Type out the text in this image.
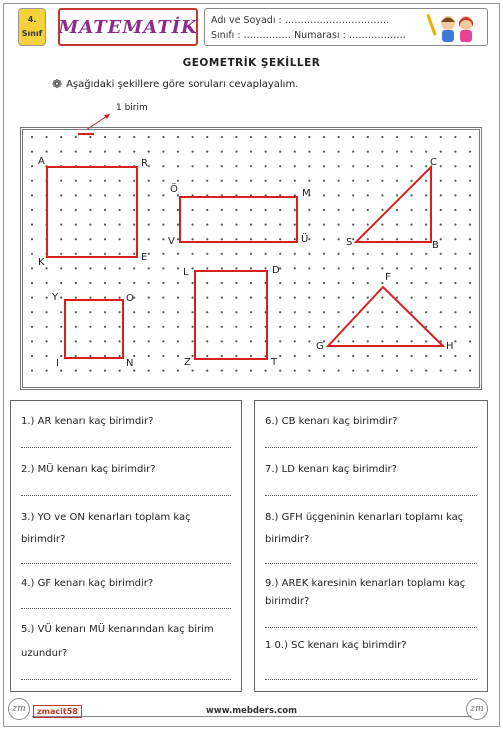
4.
Sınıf MATEMATİK Adı ve Soyadı : ……………………………
Sınıfı : …………… Numarası : ………………
GEOMETRİK ŞEKİLLER
❁ Aşağıdaki şekillere göre soruları cevaplayalım.
1 birim
A	R
K	E
Ö	M
V	Ü
C
S	B
Y	O
I	N
L	D
Z	T
F
G	H
1.) AR kenarı kaç birimdir?
2.) MÜ kenarı kaç birimdir?
3.) YO ve ON kenarları toplam kaç
birimdir?
4.) GF kenarı kaç birimdir?
5.) VÜ kenarı MÜ kenarından kaç birim
uzundur?
6.) CB kenarı kaç birimdir?
7.) LD kenarı kaç birimdir?
8.) GFH üçgeninin kenarları toplamı kaç
birimdir?
9.) AREK karesinin kenarları toplamı kaç
birimdir?
1 0.) SC kenarı kaç birimdir?
zm	zm
zmacit58	www.mebders.com
